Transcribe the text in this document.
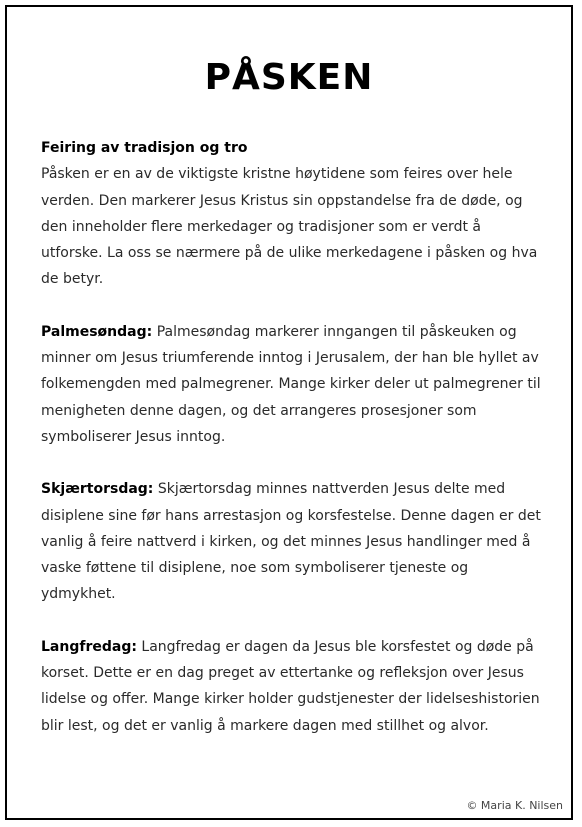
PÅSKEN

Feiring av tradisjon og tro
Påsken er en av de viktigste kristne høytidene som feires over hele verden. Den markerer Jesus Kristus sin oppstandelse fra de døde, og den inneholder flere merkedager og tradisjoner som er verdt å utforske. La oss se nærmere på de ulike merkedagene i påsken og hva de betyr.

Palmesøndag: Palmesøndag markerer inngangen til påskeuken og minner om Jesus triumferende inntog i Jerusalem, der han ble hyllet av folkemengden med palmegrener. Mange kirker deler ut palmegrener til menigheten denne dagen, og det arrangeres prosesjoner som symboliserer Jesus inntog.

Skjærtorsdag: Skjærtorsdag minnes nattverden Jesus delte med disiplene sine før hans arrestasjon og korsfestelse. Denne dagen er det vanlig å feire nattverd i kirken, og det minnes Jesus handlinger med å vaske føttene til disiplene, noe som symboliserer tjeneste og ydmykhet.

Langfredag: Langfredag er dagen da Jesus ble korsfestet og døde på korset. Dette er en dag preget av ettertanke og refleksjon over Jesus lidelse og offer. Mange kirker holder gudstjenester der lidelseshistorien blir lest, og det er vanlig å markere dagen med stillhet og alvor.

© Maria K. Nilsen
